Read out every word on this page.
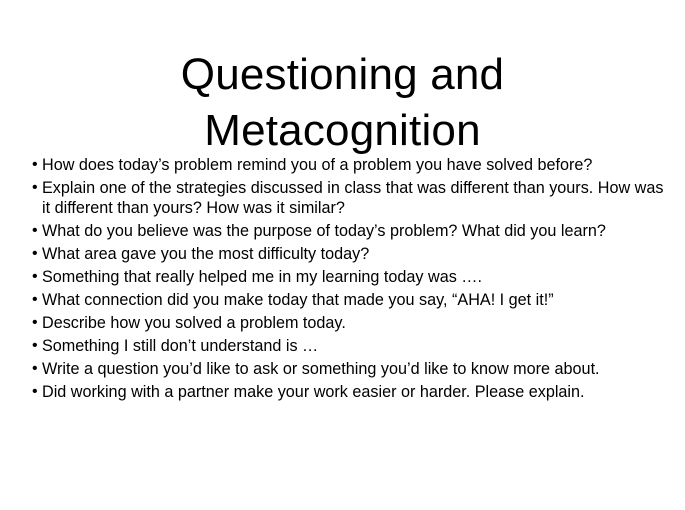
Questioning and
Metacognition
• How does today’s problem remind you of a problem you have solved before?
• Explain one of the strategies discussed in class that was different than yours. How was it different than yours? How was it similar?
• What do you believe was the purpose of today’s problem? What did you learn?
• What area gave you the most difficulty today?
• Something that really helped me in my learning today was ….
• What connection did you make today that made you say, “AHA! I get it!”
• Describe how you solved a problem today.
• Something I still don’t understand is …
• Write a question you’d like to ask or something you’d like to know more about.
• Did working with a partner make your work easier or harder. Please explain.
